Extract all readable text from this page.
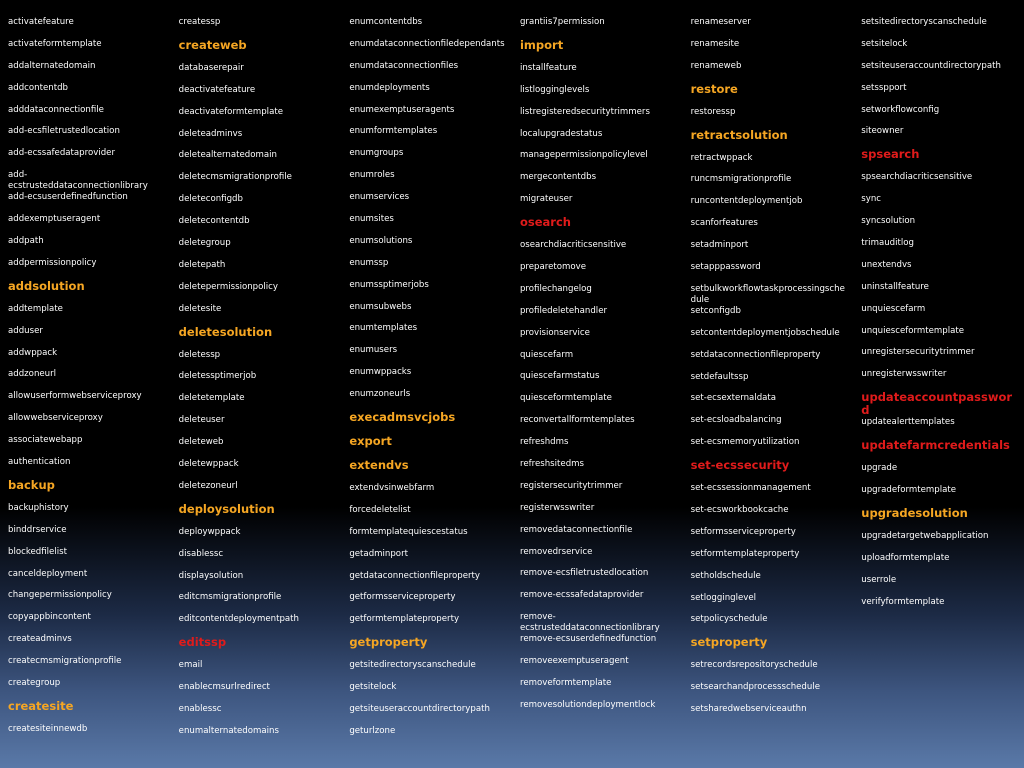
activatefeature
activateformtemplate
addalternatedomain
addcontentdb
adddataconnectionfile
add-ecsfiletrustedlocation
add-ecssafedataprovider
add-ecstrusteddataconnectionlibrary
add-ecsuserdefinedfunction
addexemptuseragent
addpath
addpermissionpolicy
addsolution
addtemplate
adduser
addwppack
addzoneurl
allowuserformwebserviceproxy
allowwebserviceproxy
associatewebapp
authentication
backup
backuphistory
binddrservice
blockedfilelist
canceldeployment
changepermissionpolicy
copyappbincontent
createadminvs
createcmsmigrationprofile
creategroup
createsite
createsiteinnewdb
createssp
createweb
databaserepair
deactivatefeature
deactivateformtemplate
deleteadminvs
deletealternatedomain
deletecmsmigrationprofile
deleteconfigdb
deletecontentdb
deletegroup
deletepath
deletepermissionpolicy
deletesite
deletesolution
deletessp
deletessptimerjob
deletetemplate
deleteuser
deleteweb
deletewppack
deletezoneurl
deploysolution
deploywppack
disablessc
displaysolution
editcmsmigrationprofile
editcontentdeploymentpath
editssp
email
enablecmsurlredirect
enablessc
enumalternatedomains
enumcontentdbs
enumdataconnectionfiledependants
enumdataconnectionfiles
enumdeployments
enumexemptuseragents
enumformtemplates
enumgroups
enumroles
enumservices
enumsites
enumsolutions
enumssp
enumssptimerjobs
enumsubwebs
enumtemplates
enumusers
enumwppacks
enumzoneurls
execadmsvcjobs
export
extendvs
extendvsinwebfarm
forcedeletelist
formtemplatequiescestatus
getadminport
getdataconnectionfileproperty
getformsserviceproperty
getformtemplateproperty
getproperty
getsitedirectoryscanschedule
getsitelock
getsiteuseraccountdirectorypath
geturlzone
grantiis7permission
import
installfeature
listlogginglevels
listregisteredsecuritytrimmers
localupgradestatus
managepermissionpolicylevel
mergecontentdbs
migrateuser
osearch
osearchdiacriticsensitive
preparetomove
profilechangelog
profiledeletehandler
provisionservice
quiescefarm
quiescefarmstatus
quiesceformtemplate
reconvertallformtemplates
refreshdms
refreshsitedms
registersecuritytrimmer
registerwsswriter
removedataconnectionfile
removedrservice
remove-ecsfiletrustedlocation
remove-ecssafedataprovider
remove-ecstrusteddataconnectionlibrary
remove-ecsuserdefinedfunction
removeexemptuseragent
removeformtemplate
removesolutiondeploymentlock
renameserver
renamesite
renameweb
restore
restoressp
retractsolution
retractwppack
runcmsmigrationprofile
runcontentdeploymentjob
scanforfeatures
setadminport
setapppassword
setbulkworkflowtaskprocessingschedule
setconfigdb
setcontentdeploymentjobschedule
setdataconnectionfileproperty
setdefaultssp
set-ecsexternaldata
set-ecsloadbalancing
set-ecsmemoryutilization
set-ecssecurity
set-ecssessionmanagement
set-ecsworkbookcache
setformsserviceproperty
setformtemplateproperty
setholdschedule
setlogginglevel
setpolicyschedule
setproperty
setrecordsrepositoryschedule
setsearchandprocessschedule
setsharedwebserviceauthn
setsitedirectoryscanschedule
setsitelock
setsiteuseraccountdirectorypath
setsspport
setworkflowconfig
siteowner
spsearch
spsearchdiacriticsensitive
sync
syncsolution
trimauditlog
unextendvs
uninstallfeature
unquiescefarm
unquiesceformtemplate
unregistersecuritytrimmer
unregisterwsswriter
updateaccountpassword
updatealerttemplates
updatefarmcredentials
upgrade
upgradeformtemplate
upgradesolution
upgradetargetwebapplication
uploadformtemplate
userrole
verifyformtemplate
